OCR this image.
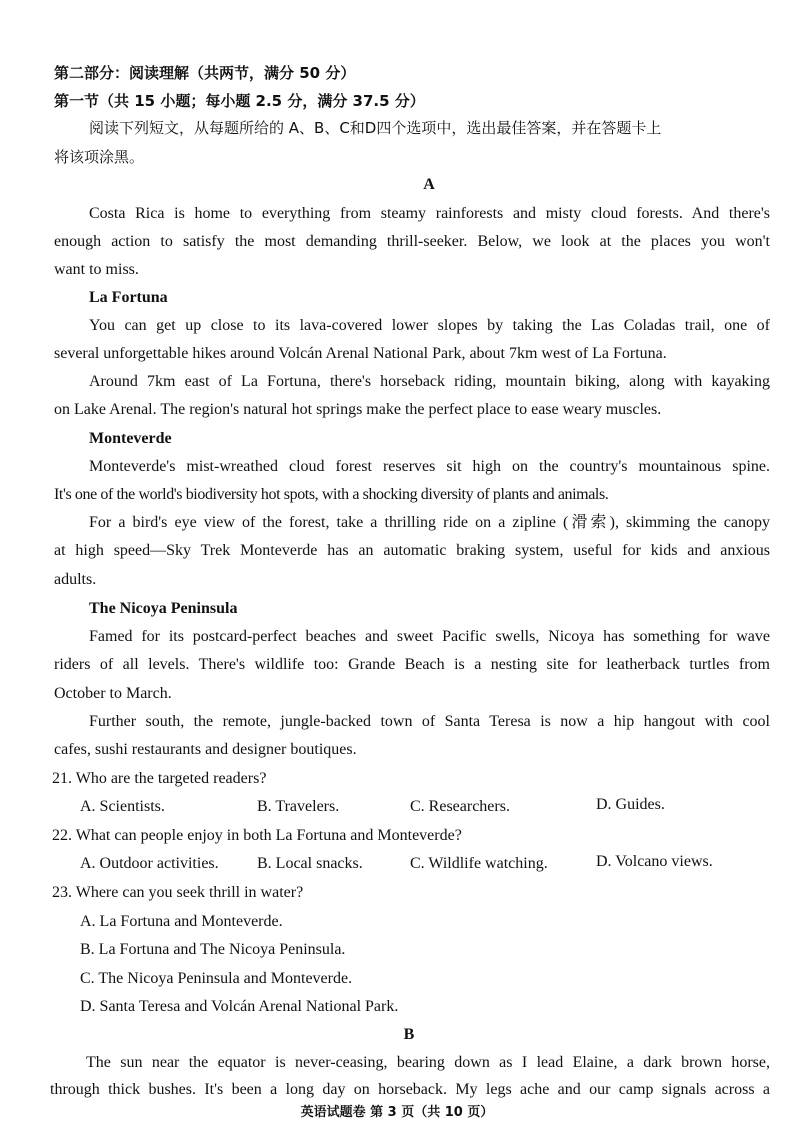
第二部分：阅读理解（共两节，满分 50 分）
第一节（共 15 小题；每小题 2.5 分，满分 37.5 分）
阅读下列短文，从每题所给的 A、B、C和D四个选项中，选出最佳答案，并在答题卡上
将该项涂黑。
A
Costa Rica is home to everything from steamy rainforests and misty cloud forests. And there's
enough action to satisfy the most demanding thrill-seeker. Below, we look at the places you won't
want to miss.
La Fortuna
You can get up close to its lava-covered lower slopes by taking the Las Coladas trail, one of
several unforgettable hikes around Volcán Arenal National Park, about 7km west of La Fortuna.
Around 7km east of La Fortuna, there's horseback riding, mountain biking, along with kayaking
on Lake Arenal. The region's natural hot springs make the perfect place to ease weary muscles.
Monteverde
Monteverde's mist-wreathed cloud forest reserves sit high on the country's mountainous spine.
It's one of the world's biodiversity hot spots, with a shocking diversity of plants and animals.
For a bird's eye view of the forest, take a thrilling ride on a zipline (滑索), skimming the canopy
at high speed—Sky Trek Monteverde has an automatic braking system, useful for kids and anxious
adults.
The Nicoya Peninsula
Famed for its postcard-perfect beaches and sweet Pacific swells, Nicoya has something for wave
riders of all levels. There's wildlife too: Grande Beach is a nesting site for leatherback turtles from
October to March.
Further south, the remote, jungle-backed town of Santa Teresa is now a hip hangout with cool
cafes, sushi restaurants and designer boutiques.
21. Who are the targeted readers?
A. Scientists.	B. Travelers.	C. Researchers.	D. Guides.
22. What can people enjoy in both La Fortuna and Monteverde?
A. Outdoor activities. B. Local snacks.	C. Wildlife watching.	D. Volcano views.
23. Where can you seek thrill in water?
A. La Fortuna and Monteverde.
B. La Fortuna and The Nicoya Peninsula.
C. The Nicoya Peninsula and Monteverde.
D. Santa Teresa and Volcán Arenal National Park.
B
The sun near the equator is never-ceasing, bearing down as I lead Elaine, a dark brown horse,
through thick bushes. It's been a long day on horseback. My legs ache and our camp signals across a
英语试题卷 第 3 页（共 10 页）
